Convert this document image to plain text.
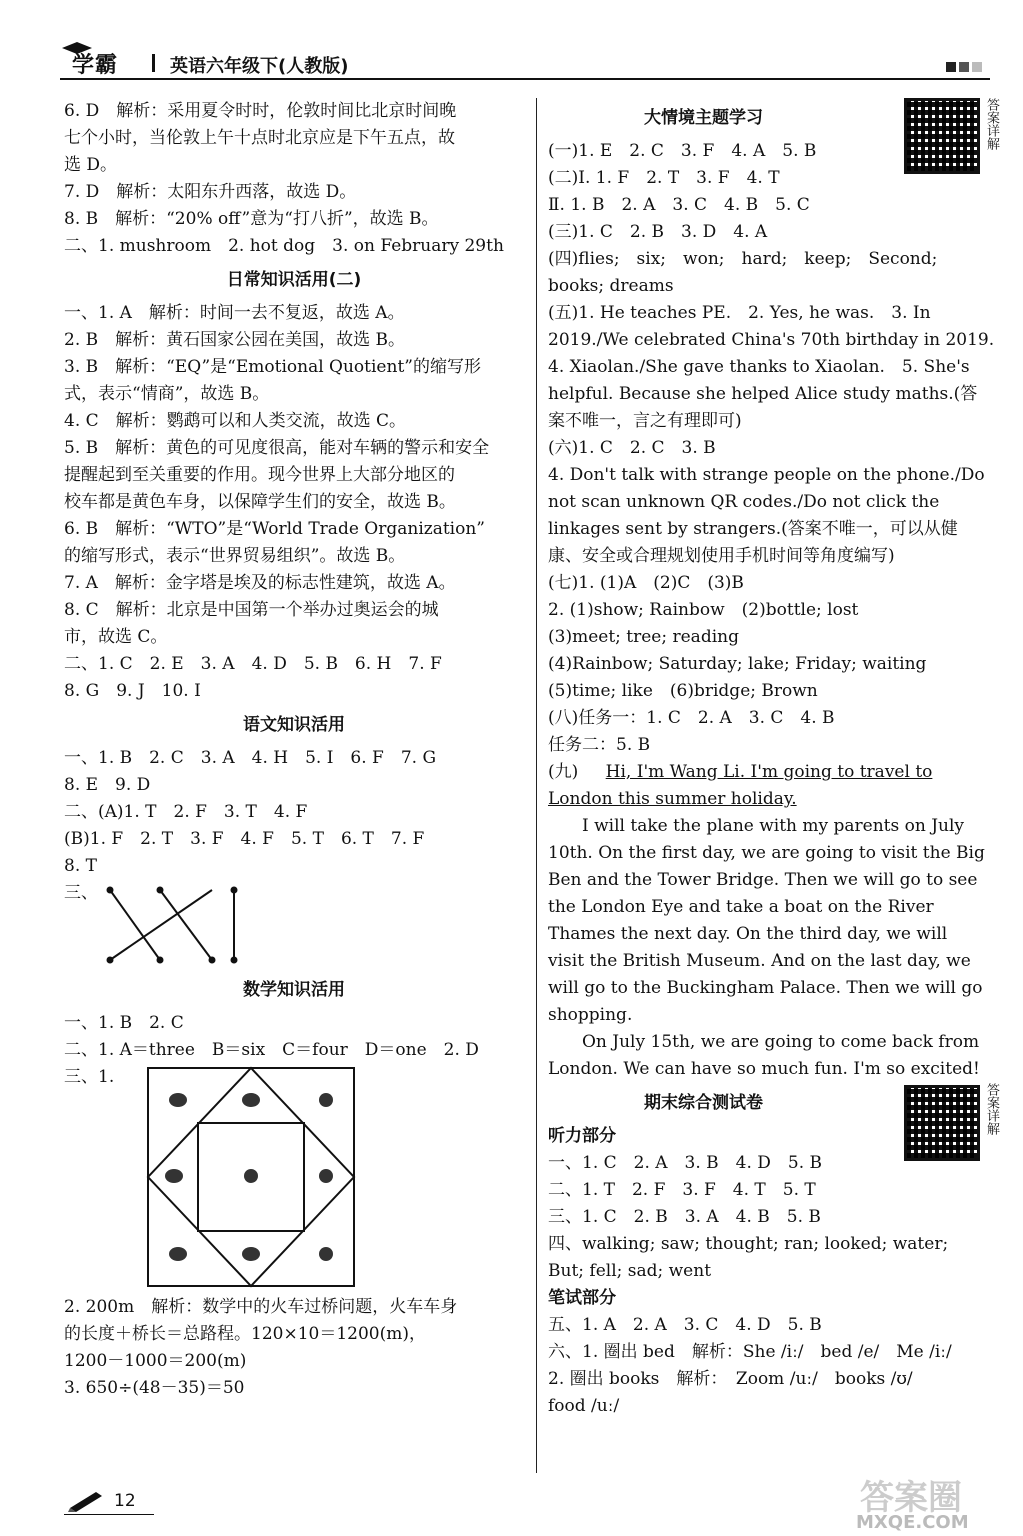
学霸	英语六年级下(人教版)
6. D　解析：采用夏令时时，伦敦时间比北京时间晚
七个小时，当伦敦上午十点时北京应是下午五点，故
选 D。
7. D　解析：太阳东升西落，故选 D。
8. B　解析：“20% off”意为“打八折”，故选 B。
二、1. mushroom　2. hot dog　3. on February 29th
日常知识活用(二)
一、1. A　解析：时间一去不复返，故选 A。
2. B　解析：黄石国家公园在美国，故选 B。
3. B　解析：“EQ”是“Emotional Quotient”的缩写形
式，表示“情商”，故选 B。
4. C　解析：鹦鹉可以和人类交流，故选 C。
5. B　解析：黄色的可见度很高，能对车辆的警示和安全
提醒起到至关重要的作用。现今世界上大部分地区的
校车都是黄色车身，以保障学生们的安全，故选 B。
6. B　解析：“WTO”是“World Trade Organization”
的缩写形式，表示“世界贸易组织”。故选 B。
7. A　解析：金字塔是埃及的标志性建筑，故选 A。
8. C　解析：北京是中国第一个举办过奥运会的城
市，故选 C。
二、1. C　2. E　3. A　4. D　5. B　6. H　7. F
8. G　9. J　10. I
语文知识活用
一、1. B　2. C　3. A　4. H　5. I　6. F　7. G
8. E　9. D
二、(A)1. T　2. F　3. T　4. F
(B)1. F　2. T　3. F　4. F　5. T　6. T　7. F
8. T
三、
数学知识活用
一、1. B　2. C
二、1. A＝three　B＝six　C＝four　D＝one　2. D
三、1.
2. 200m　解析：数学中的火车过桥问题，火车车身
的长度＋桥长＝总路程。120×10＝1200(m)，
1200－1000＝200(m)
3. 650÷(48－35)＝50
大情境主题学习	答案详解
(一)1. E　2. C　3. F　4. A　5. B
(二)Ⅰ. 1. F　2. T　3. F　4. T
Ⅱ. 1. B　2. A　3. C　4. B　5. C
(三)1. C　2. B　3. D　4. A
(四)flies;　six;　won;　hard;　keep;　Second;
books; dreams
(五)1. He teaches PE.　2. Yes, he was.　3. In
2019./We celebrated China's 70th birthday in 2019.
4. Xiaolan./She gave thanks to Xiaolan.　5. She's
helpful. Because she helped Alice study maths.(答
案不唯一，言之有理即可)
(六)1. C　2. C　3. B
4. Don't talk with strange people on the phone./Do
not scan unknown QR codes./Do not click the
linkages sent by strangers.(答案不唯一，可以从健
康、安全或合理规划使用手机时间等角度编写)
(七)1. (1)A　(2)C　(3)B
2. (1)show; Rainbow　(2)bottle; lost
(3)meet; tree; reading
(4)Rainbow; Saturday; lake; Friday; waiting
(5)time; like　(6)bridge; Brown
(八)任务一：1. C　2. A　3. C　4. B
任务二：5. B
(九) Hi, I'm Wang Li. I'm going to travel to
London this summer holiday.
I will take the plane with my parents on July
10th. On the first day, we are going to visit the Big
Ben and the Tower Bridge. Then we will go to see
the London Eye and take a boat on the River
Thames the next day. On the third day, we will
visit the British Museum. And on the last day, we
will go to the Buckingham Palace. Then we will go
shopping.
On July 15th, we are going to come back from
London. We can have so much fun. I'm so excited!
期末综合测试卷	答案详解
听力部分
一、1. C　2. A　3. B　4. D　5. B
二、1. T　2. F　3. F　4. T　5. T
三、1. C　2. B　3. A　4. B　5. B
四、walking; saw; thought; ran; looked; water;
But; fell; sad; went
笔试部分
五、1. A　2. A　3. C　4. D　5. B
六、1. 圈出 bed　解析：She /iː/　bed /e/　Me /iː/
2. 圈出 books　解析：　Zoom /uː/　books /ʊ/
food /uː/
12	答案圈
MXQE.COM
